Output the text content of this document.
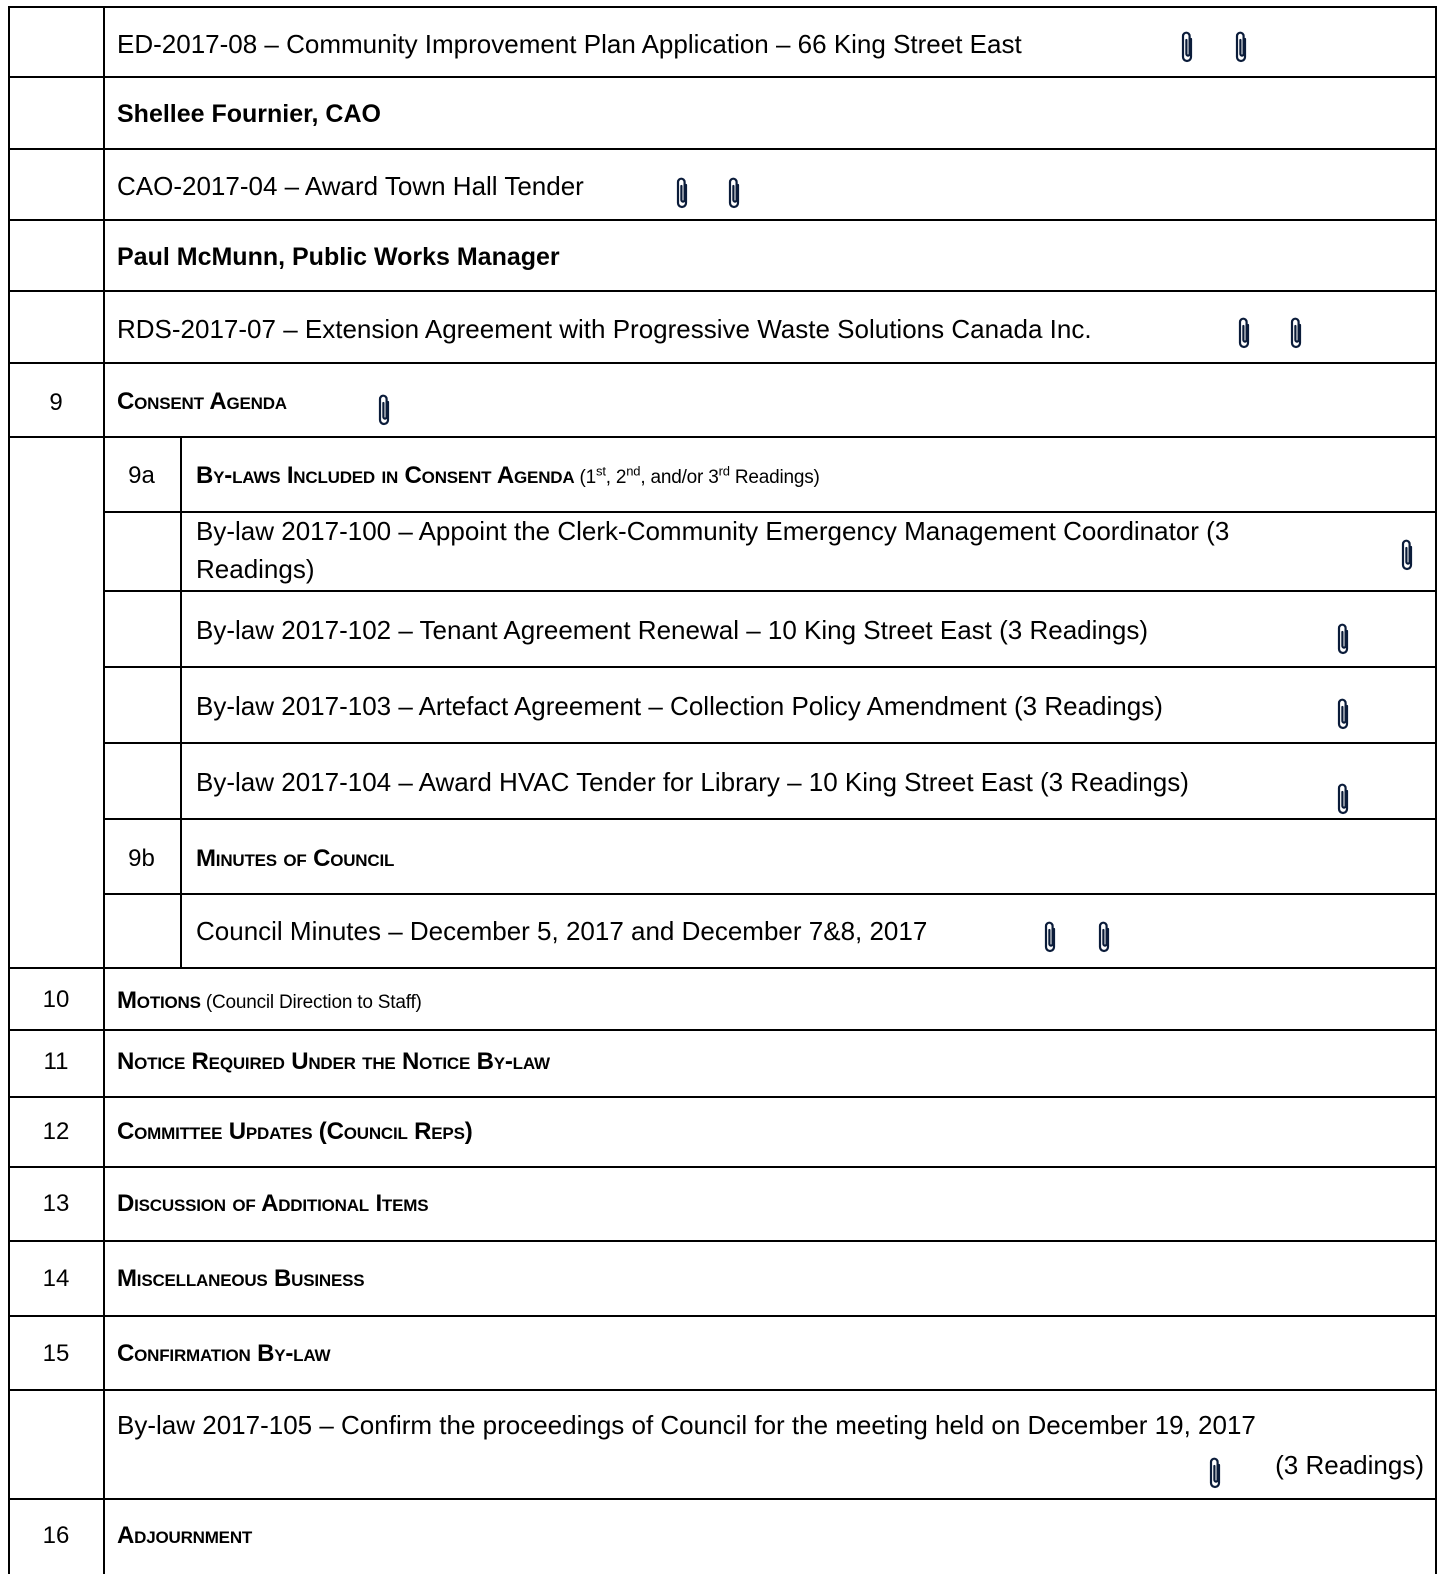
ED-2017-08 – Community Improvement Plan Application – 66 King Street East
Shellee Fournier, CAO
CAO-2017-04 – Award Town Hall Tender
Paul McMunn, Public Works Manager
RDS-2017-07 – Extension Agreement with Progressive Waste Solutions Canada Inc.
9	Consent Agenda
9a	By-laws Included in Consent Agenda (1st, 2nd, and/or 3rd Readings)
By-law 2017-100 – Appoint the Clerk-Community Emergency Management Coordinator (3
Readings)
By-law 2017-102 – Tenant Agreement Renewal – 10 King Street East (3 Readings)
By-law 2017-103 – Artefact Agreement – Collection Policy Amendment (3 Readings)
By-law 2017-104 – Award HVAC Tender for Library – 10 King Street East (3 Readings)
9b	Minutes of Council
Council Minutes – December 5, 2017 and December 7&8, 2017
10	Motions (Council Direction to Staff)
11	Notice Required Under the Notice By-law
12	Committee Updates (Council Reps)
13	Discussion of Additional Items
14	Miscellaneous Business
15	Confirmation By-law
By-law 2017-105 – Confirm the proceedings of Council for the meeting held on December 19, 2017
(3 Readings)
16	Adjournment
